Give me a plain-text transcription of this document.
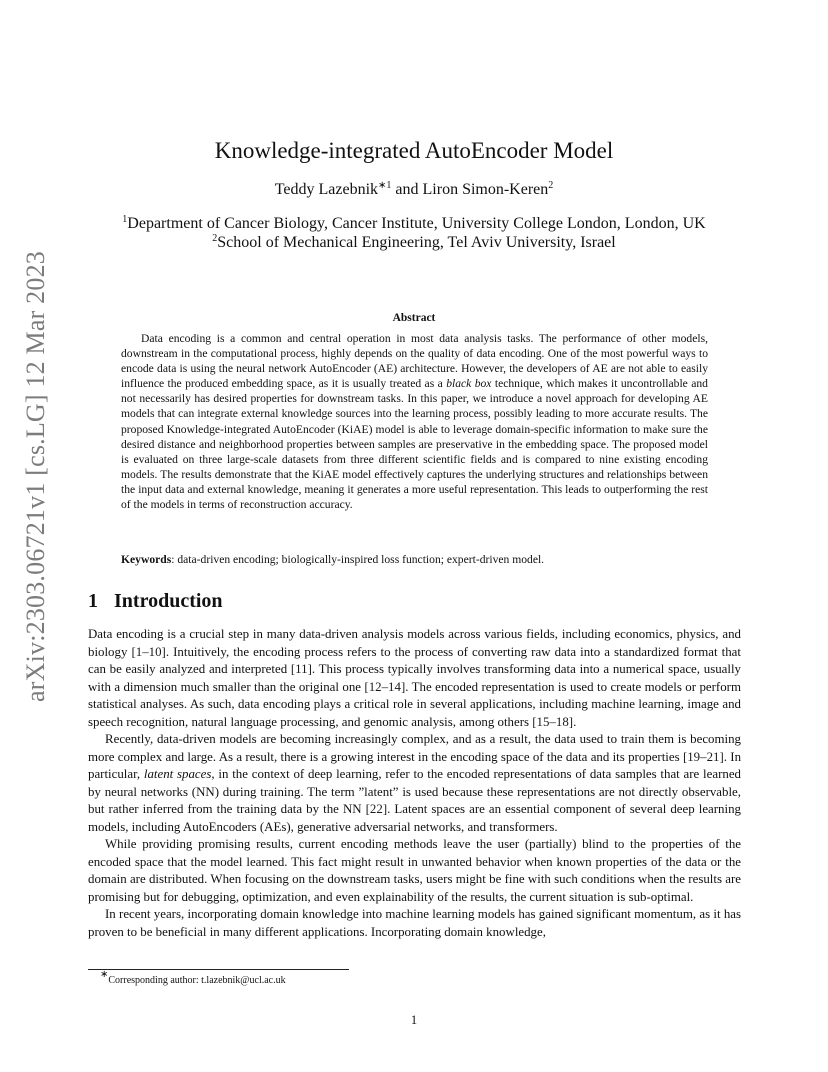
arXiv:2303.06721v1 [cs.LG] 12 Mar 2023
Knowledge-integrated AutoEncoder Model
Teddy Lazebnik$^{∗1}$ and Liron Simon-Keren$^2$
$^1$Department of Cancer Biology, Cancer Institute, University College London, London, UK
$^2$School of Mechanical Engineering, Tel Aviv University, Israel
Abstract

Data encoding is a common and central operation in most data analysis tasks. The performance of other models, downstream in the computational process, highly depends on the quality of data encoding. One of the most powerful ways to encode data is using the neural network AutoEncoder (AE) architecture. However, the developers of AE are not able to easily influence the produced embedding space, as it is usually treated as a black box technique, which makes it uncontrollable and not necessarily has desired properties for downstream tasks. In this paper, we introduce a novel approach for developing AE models that can integrate external knowledge sources into the learning process, possibly leading to more accurate results. The proposed Knowledge-integrated AutoEncoder (KiAE) model is able to leverage domain-specific information to make sure the desired distance and neighborhood properties between samples are preservative in the embedding space. The proposed model is evaluated on three large-scale datasets from three different scientific fields and is compared to nine existing encoding models. The results demonstrate that the KiAE model effectively captures the underlying structures and relationships between the input data and external knowledge, meaning it generates a more useful representation. This leads to outperforming the rest of the models in terms of reconstruction accuracy.

Keywords: data-driven encoding; biologically-inspired loss function; expert-driven model.

1 Introduction

Data encoding is a crucial step in many data-driven analysis models across various fields, including economics, physics, and biology [1–10]. Intuitively, the encoding process refers to the process of converting raw data into a standardized format that can be easily analyzed and interpreted [11]. This process typically involves transforming data into a numerical space, usually with a dimension much smaller than the original one [12–14]. The encoded representation is used to create models or perform statistical analyses. As such, data encoding plays a critical role in several applications, including machine learning, image and speech recognition, natural language processing, and genomic analysis, among others [15–18].

Recently, data-driven models are becoming increasingly complex, and as a result, the data used to train them is becoming more complex and large. As a result, there is a growing interest in the encoding space of the data and its properties [19–21]. In particular, latent spaces, in the context of deep learning, refer to the encoded representations of data samples that are learned by neural networks (NN) during training. The term ”latent” is used because these representations are not directly observable, but rather inferred from the training data by the NN [22]. Latent spaces are an essential component of several deep learning models, including AutoEncoders (AEs), generative adversarial networks, and transformers.

While providing promising results, current encoding methods leave the user (partially) blind to the properties of the encoded space that the model learned. This fact might result in unwanted behavior when known properties of the data or the domain are distributed. When focusing on the downstream tasks, users might be fine with such conditions when the results are promising but for debugging, optimization, and even explainability of the results, the current situation is sub-optimal.

In recent years, incorporating domain knowledge into machine learning models has gained significant momentum, as it has proven to be beneficial in many different applications. Incorporating domain knowledge,

∗Corresponding author: t.lazebnik@ucl.ac.uk
1
